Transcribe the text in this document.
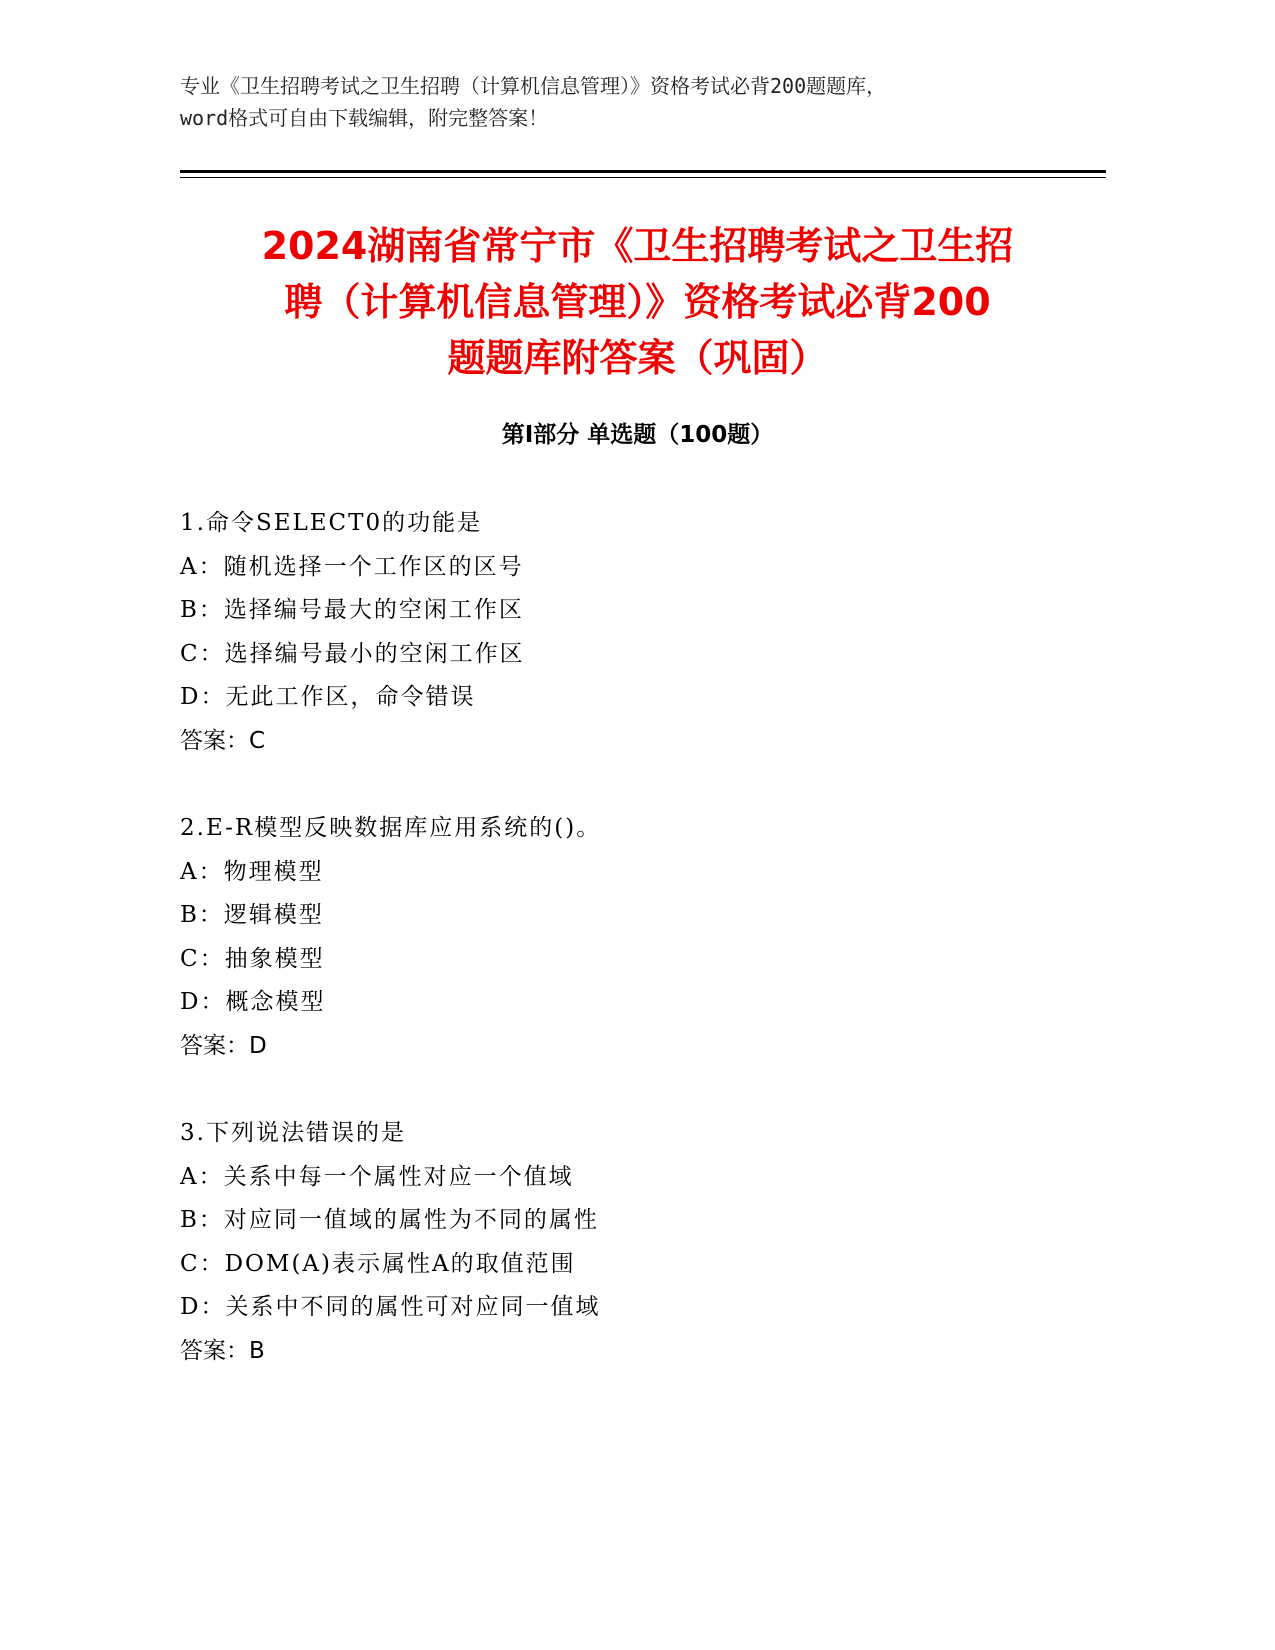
专业《卫生招聘考试之卫生招聘（计算机信息管理）》资格考试必背200题题库，
word格式可自由下载编辑，附完整答案！
2024湖南省常宁市《卫生招聘考试之卫生招
聘（计算机信息管理）》资格考试必背200
题题库附答案（巩固）
第Ⅰ部分 单选题（100题）
1.命令SELECT0的功能是
A：随机选择一个工作区的区号
B：选择编号最大的空闲工作区
C：选择编号最小的空闲工作区
D：无此工作区，命令错误
答案：C
2.E-R模型反映数据库应用系统的()。
A：物理模型
B：逻辑模型
C：抽象模型
D：概念模型
答案：D
3.下列说法错误的是
A：关系中每一个属性对应一个值域
B：对应同一值域的属性为不同的属性
C：DOM(A)表示属性A的取值范围
D：关系中不同的属性可对应同一值域
答案：B
